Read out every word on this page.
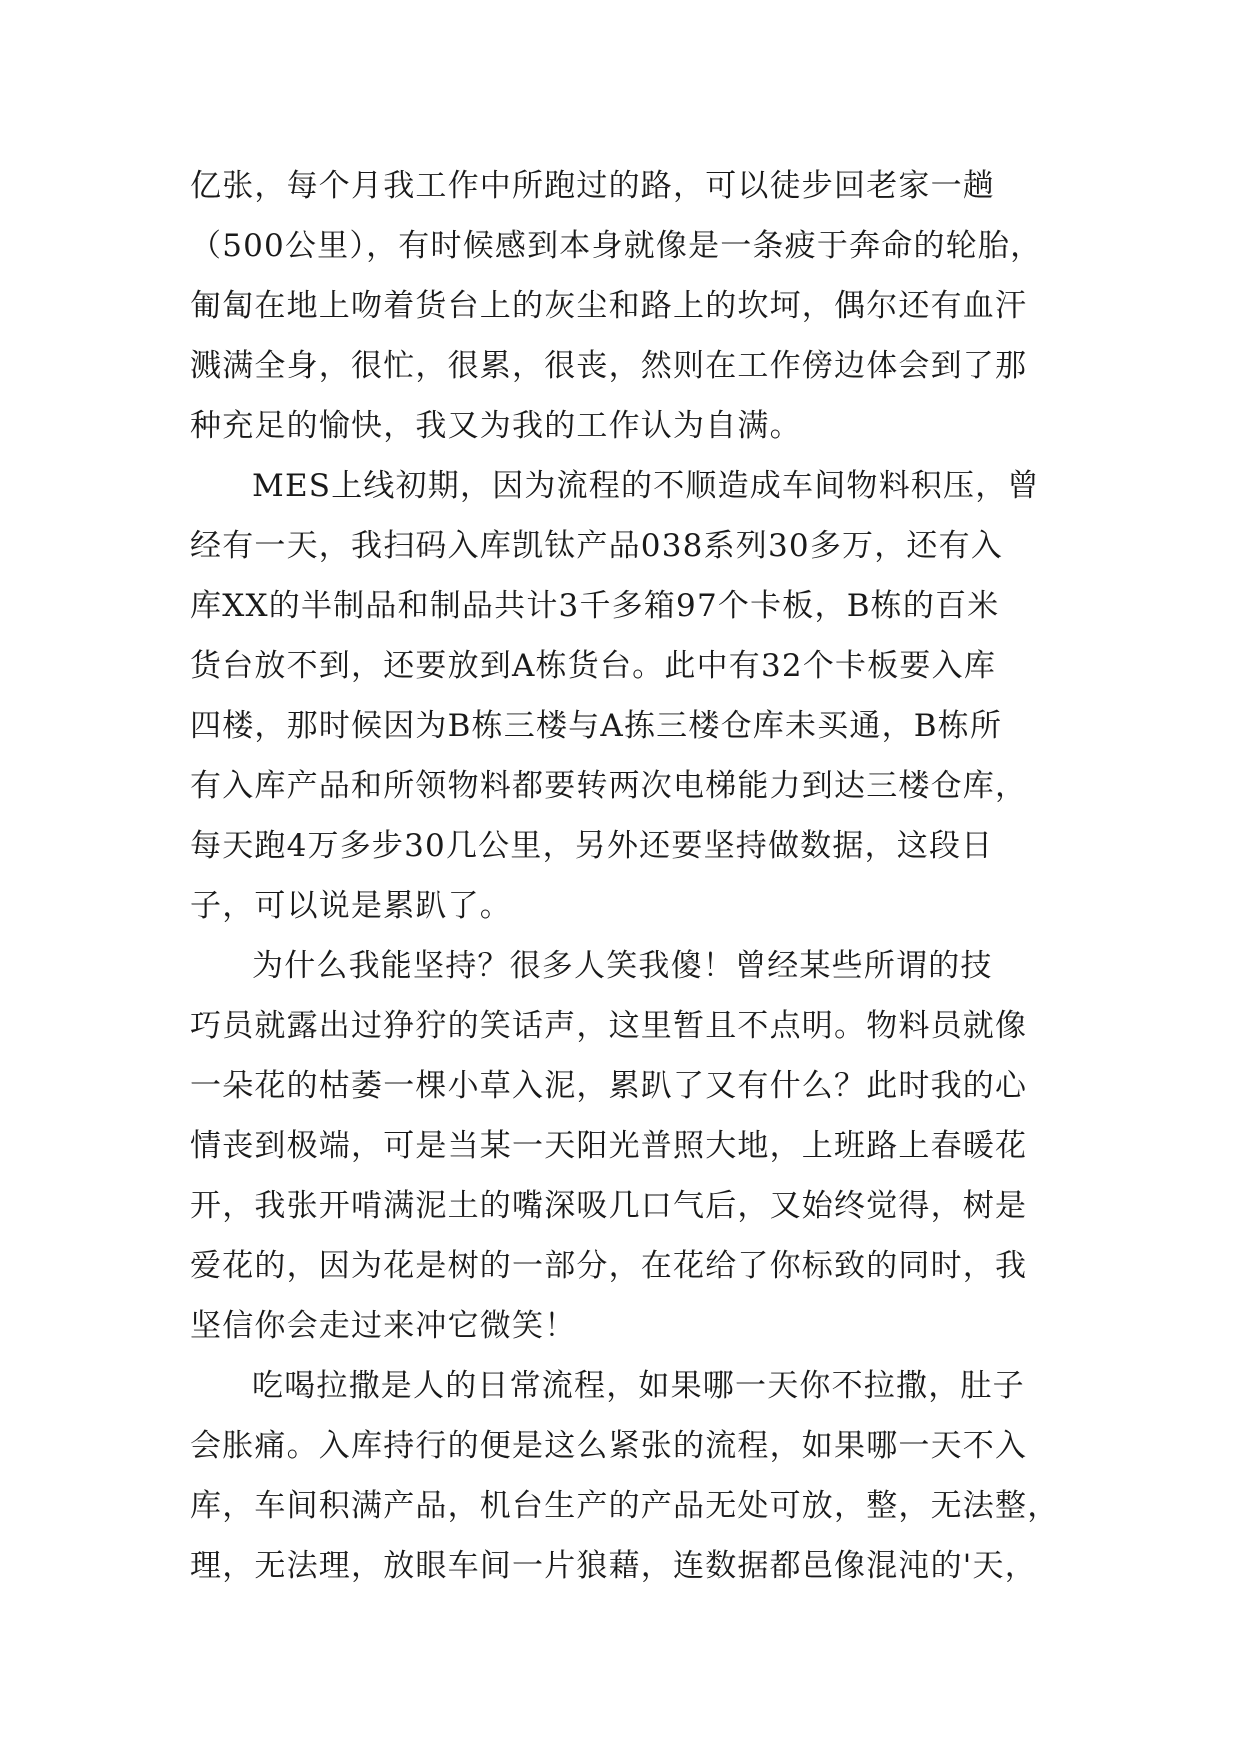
亿张，每个月我工作中所跑过的路，可以徒步回老家一趟
（500公里），有时候感到本身就像是一条疲于奔命的轮胎，
匍匐在地上吻着货台上的灰尘和路上的坎坷，偶尔还有血汗
溅满全身，很忙，很累，很丧，然则在工作傍边体会到了那
种充足的愉快，我又为我的工作认为自满。
MES上线初期，因为流程的不顺造成车间物料积压，曾
经有一天，我扫码入库凯钛产品038系列30多万，还有入
库XX的半制品和制品共计3千多箱97个卡板，B栋的百米
货台放不到，还要放到A栋货台。此中有32个卡板要入库
四楼，那时候因为B栋三楼与A拣三楼仓库未买通，B栋所
有入库产品和所领物料都要转两次电梯能力到达三楼仓库，
每天跑4万多步30几公里，另外还要坚持做数据，这段日
子，可以说是累趴了。
为什么我能坚持？很多人笑我傻！曾经某些所谓的技
巧员就露出过狰狞的笑话声，这里暂且不点明。物料员就像
一朵花的枯萎一棵小草入泥，累趴了又有什么？此时我的心
情丧到极端，可是当某一天阳光普照大地，上班路上春暖花
开，我张开啃满泥土的嘴深吸几口气后，又始终觉得，树是
爱花的，因为花是树的一部分，在花给了你标致的同时，我
坚信你会走过来冲它微笑！
吃喝拉撒是人的日常流程，如果哪一天你不拉撒，肚子
会胀痛。入库持行的便是这么紧张的流程，如果哪一天不入
库，车间积满产品，机台生产的产品无处可放，整，无法整，
理，无法理，放眼车间一片狼藉，连数据都邑像混沌的'天，
